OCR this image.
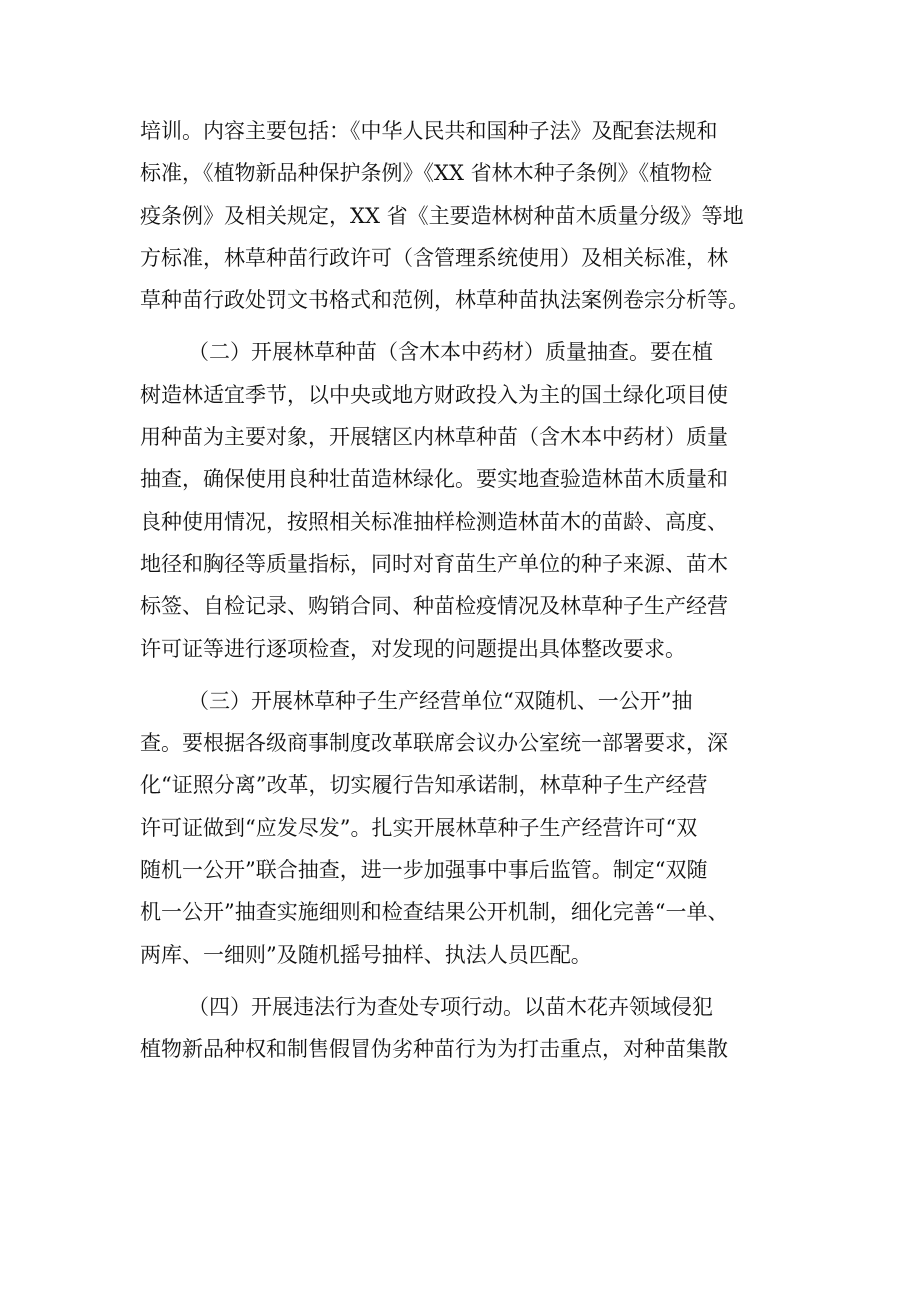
培训。内容主要包括：《中华人民共和国种子法》及配套法规和
标准，《植物新品种保护条例》《XX 省林木种子条例》《植物检
疫条例》及相关规定，XX 省《主要造林树种苗木质量分级》等地
方标准，林草种苗行政许可（含管理系统使用）及相关标准，林
草种苗行政处罚文书格式和范例，林草种苗执法案例卷宗分析等。
（二）开展林草种苗（含木本中药材）质量抽查。要在植
树造林适宜季节，以中央或地方财政投入为主的国土绿化项目使
用种苗为主要对象，开展辖区内林草种苗（含木本中药材）质量
抽查，确保使用良种壮苗造林绿化。要实地查验造林苗木质量和
良种使用情况，按照相关标准抽样检测造林苗木的苗龄、高度、
地径和胸径等质量指标，同时对育苗生产单位的种子来源、苗木
标签、自检记录、购销合同、种苗检疫情况及林草种子生产经营
许可证等进行逐项检查，对发现的问题提出具体整改要求。
（三）开展林草种子生产经营单位“双随机、一公开”抽
查。要根据各级商事制度改革联席会议办公室统一部署要求，深
化“证照分离”改革，切实履行告知承诺制，林草种子生产经营
许可证做到“应发尽发”。扎实开展林草种子生产经营许可“双
随机一公开”联合抽查，进一步加强事中事后监管。制定“双随
机一公开”抽查实施细则和检查结果公开机制，细化完善“一单、
两库、一细则”及随机摇号抽样、执法人员匹配。
（四）开展违法行为查处专项行动。以苗木花卉领域侵犯
植物新品种权和制售假冒伪劣种苗行为为打击重点，对种苗集散
